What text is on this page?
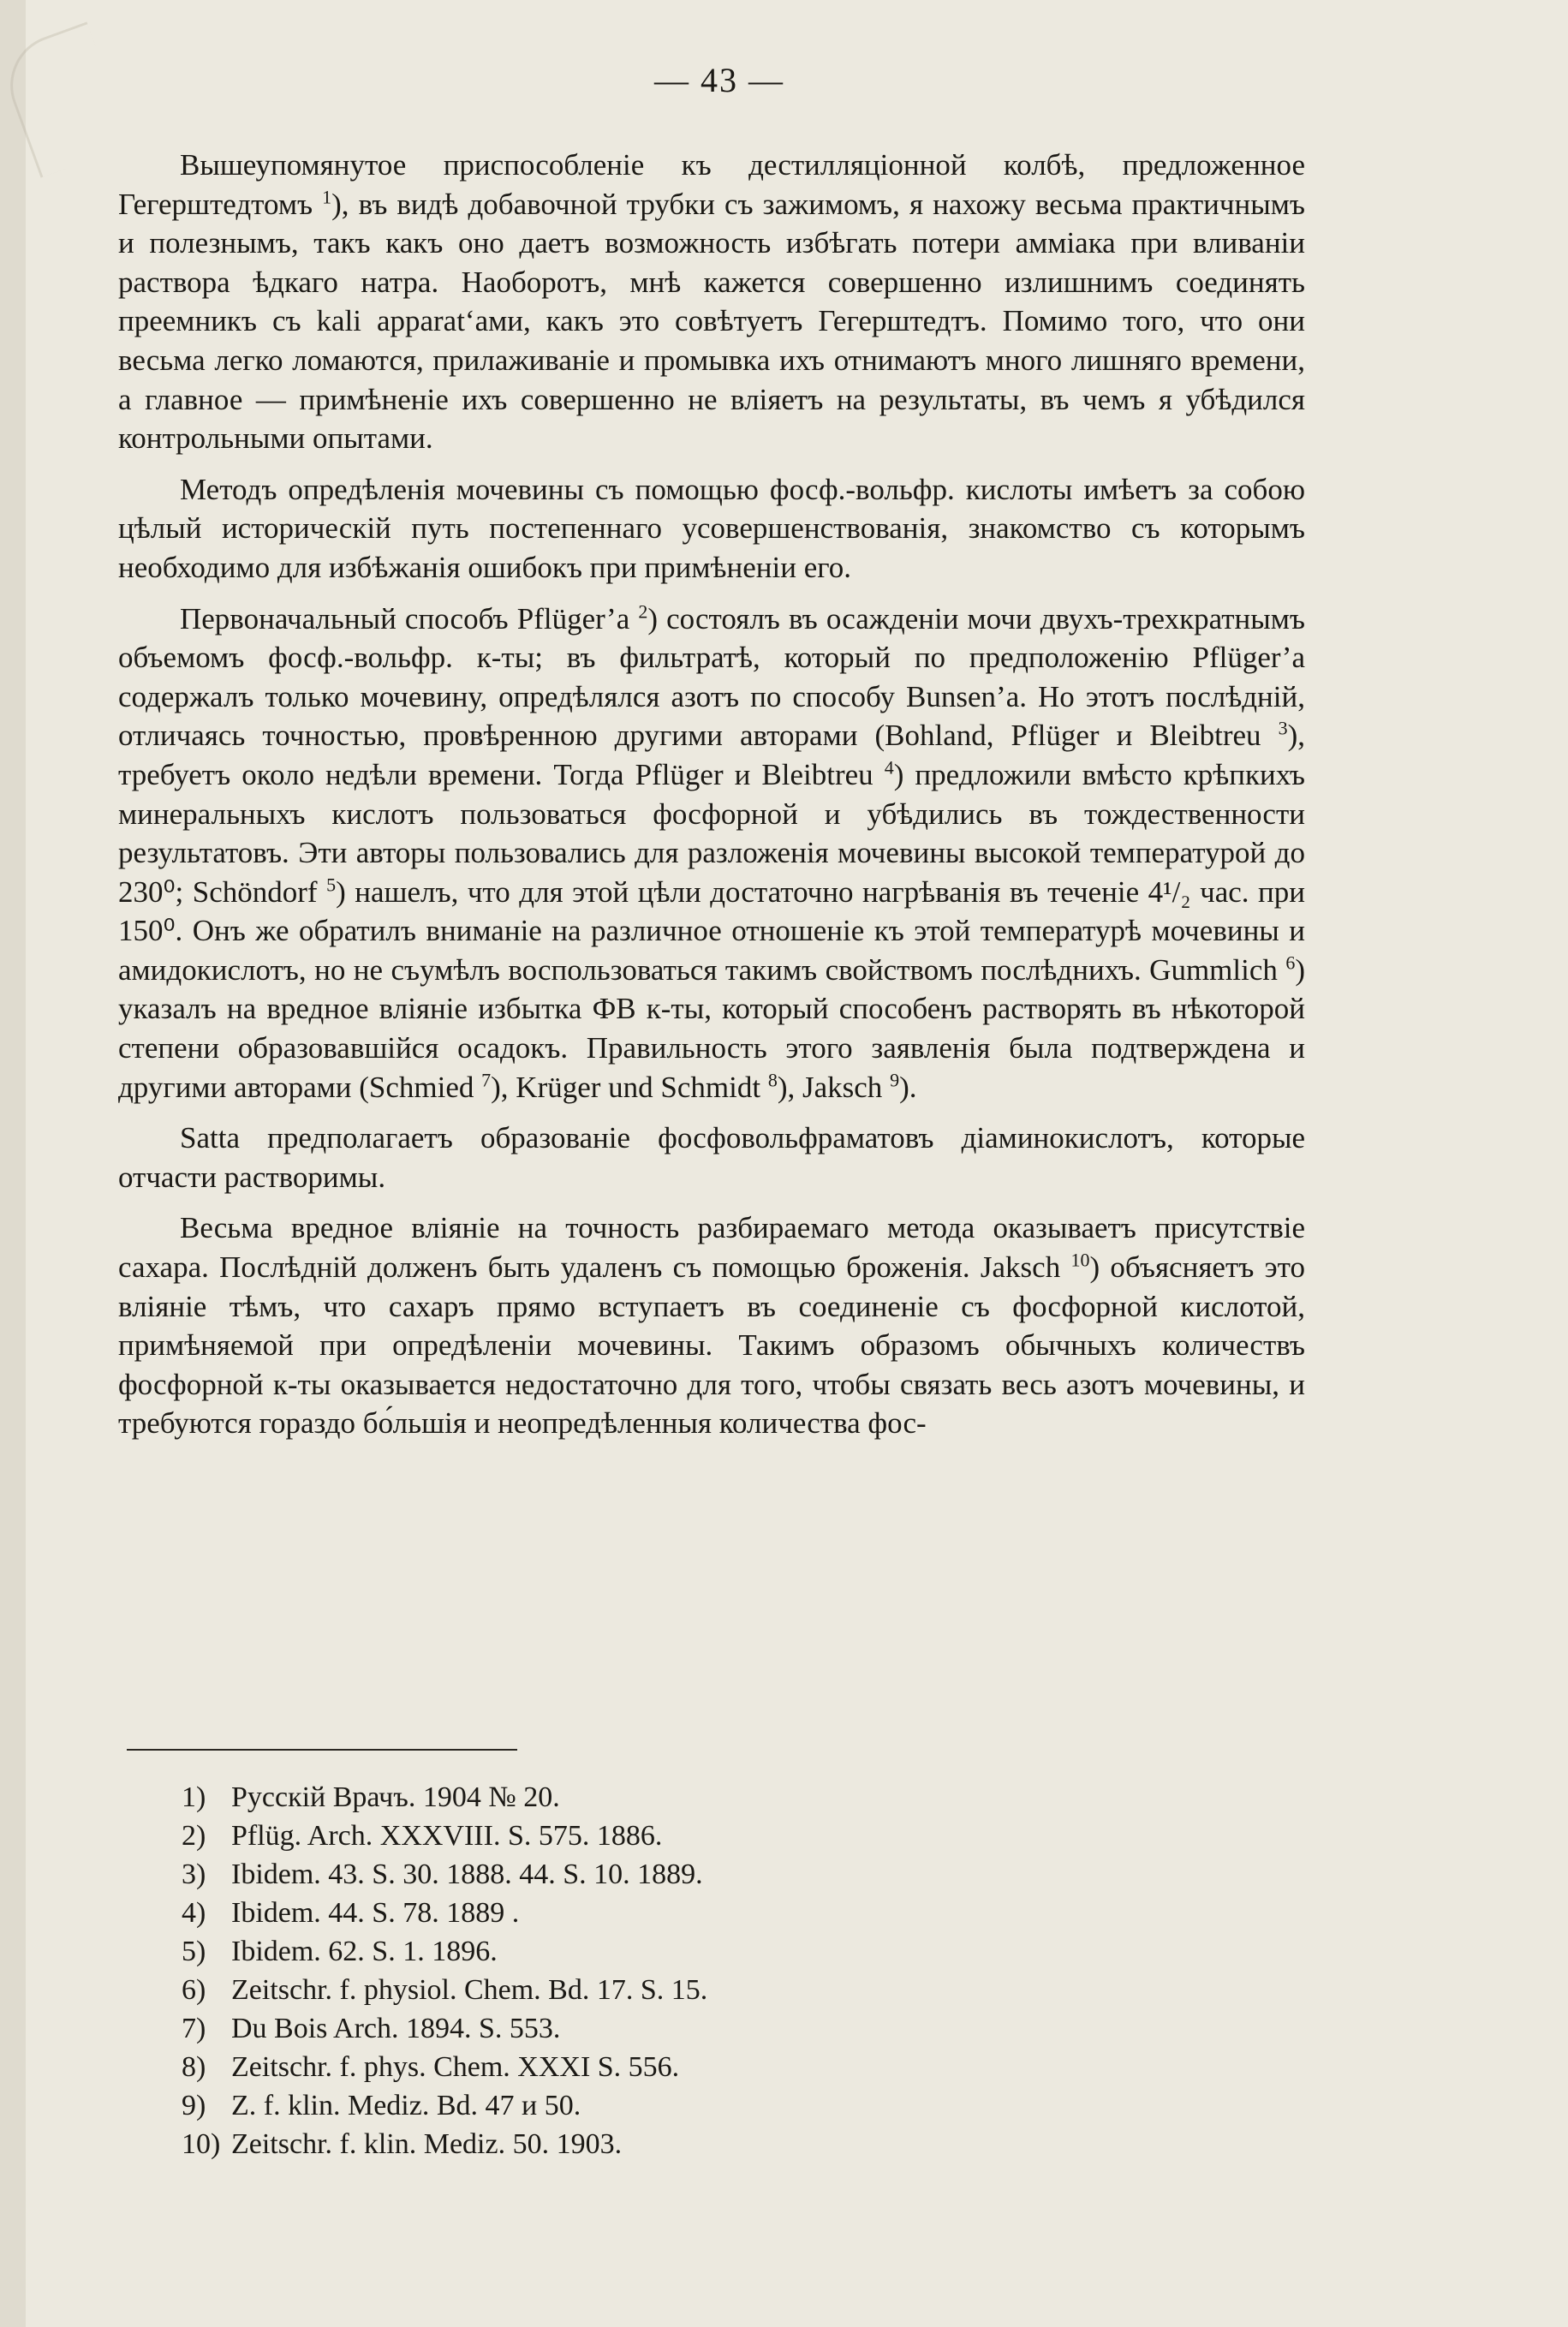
— 43 —

Вышеупомянутое приспособленіе къ дестилляціонной колбѣ, предложенное Гегерштедтомъ $^1$), въ видѣ добавочной трубки съ зажимомъ, я нахожу весьма практичнымъ и полезнымъ, такъ какъ оно даетъ возможность избѣгать потери амміака при вливаніи раствора ѣдкаго натра. Наоборотъ, мнѣ кажется совершенно излишнимъ соединять преемникъ съ kali apparat‘ами, какъ это совѣтуетъ Гегерштедтъ. Помимо того, что они весьма легко ломаются, прилаживаніе и промывка ихъ отнимаютъ много лишняго времени, а главное — примѣненіе ихъ совершенно не вліяетъ на результаты, въ чемъ я убѣдился контрольными опытами.

Методъ опредѣленія мочевины съ помощью фосф.-вольфр. кислоты имѣетъ за собою цѣлый историческій путь постепеннаго усовершенствованія, знакомство съ которымъ необходимо для избѣжанія ошибокъ при примѣненіи его.

Первоначальный способъ Pflüger’a $^2$) состоялъ въ осажденіи мочи двухъ-трехкратнымъ объемомъ фосф.-вольфр. к-ты; въ фильтратѣ, который по предположенію Pflüger’a содержалъ только мочевину, опредѣлялся азотъ по способу Bunsen’a. Но этотъ послѣдній, отличаясь точностью, провѣренною другими авторами (Bohland, Pflüger и Bleibtreu $^3$), требуетъ около недѣли времени. Тогда Pflüger и Bleibtreu $^4$) предложили вмѣсто крѣпкихъ минеральныхъ кислотъ пользоваться фосфорной и убѣдились въ тождественности результатовъ. Эти авторы пользовались для разложенія мочевины высокой температурой до 230⁰; Schöndorf $^5$) нашелъ, что для этой цѣли достаточно нагрѣванія въ теченіе 4¹/₂ час. при 150⁰. Онъ же обратилъ вниманіе на различное отношеніе къ этой температурѣ мочевины и амидокислотъ, но не съумѣлъ воспользоваться такимъ свойствомъ послѣднихъ. Gummlich $^6$) указалъ на вредное вліяніе избытка ФВ к-ты, который способенъ растворять въ нѣкоторой степени образовавшійся осадокъ. Правильность этого заявленія была подтверждена и другими авторами (Schmied $^7$), Krüger und Schmidt $^8$), Jaksch $^9$).

Satta предполагаетъ образованіе фосфовольфраматовъ діаминокислотъ, которые отчасти растворимы.

Весьма вредное вліяніе на точность разбираемаго метода оказываетъ присутствіе сахара. Послѣдній долженъ быть удаленъ съ помощью броженія. Jaksch $^{10}$) объясняетъ это вліяніе тѣмъ, что сахаръ прямо вступаетъ въ соединеніе съ фосфорной кислотой, примѣняемой при опредѣленіи мочевины. Такимъ образомъ обычныхъ количествъ фосфорной к-ты оказывается недостаточно для того, чтобы связать весь азотъ мочевины, и требуются гораздо бо́льшія и неопредѣленныя количества фос-

1) Русскій Врачъ. 1904 № 20.
2) Pflüg. Arch. XXXVIII. S. 575. 1886.
3) Ibidem. 43. S. 30. 1888. 44. S. 10. 1889.
4) Ibidem. 44. S. 78. 1889 .
5) Ibidem. 62. S. 1. 1896.
6) Zeitschr. f. physiol. Chem. Bd. 17. S. 15.
7) Du Bois Arch. 1894. S. 553.
8) Zeitschr. f. phys. Chem. XXXI S. 556.
9) Z. f. klin. Mediz. Bd. 47 и 50.
10) Zeitschr. f. klin. Mediz. 50. 1903.
